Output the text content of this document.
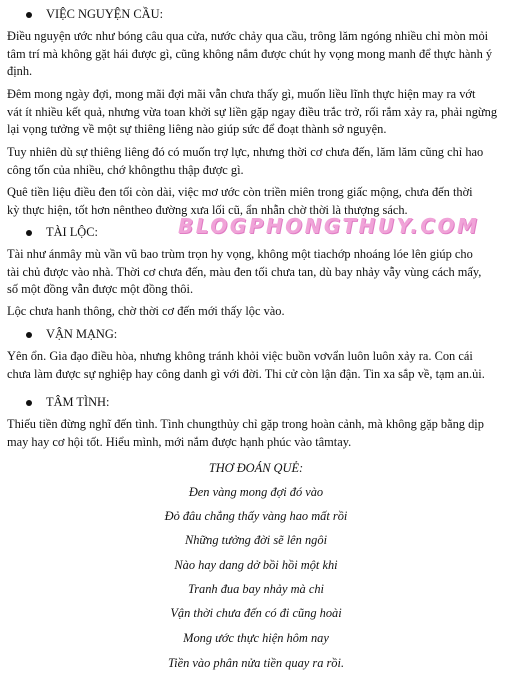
VIỆC NGUYỆN CẦU:

Điều nguyện ước như bóng câu qua cửa, nước chảy qua cầu, trông lăm ngóng nhiều chỉ mòn mỏi
tâm trí mà không gặt hái được gì, cũng không nắm được chút hy vọng mong manh để thực hành ý
định.

Đêm mong ngày đợi, mong mãi đợi mãi vẫn chưa thấy gì, muốn liều lĩnh thực hiện may ra vớt
vát ít nhiều kết quả, nhưng vừa toan khởi sự liền gặp ngay điều trắc trở, rối rắm xảy ra, phải ngừng
lại vọng tưởng về một sự thiêng liêng nào giúp sức để đoạt thành sở nguyện.

Tuy nhiên dù sự thiêng liêng đó có muốn trợ lực, nhưng thời cơ chưa đến, lăm lăm cũng chỉ hao
công tốn của nhiều, chớ khôngthu thập được gì.

Quê tiền liệu điều đen tối còn dài, việc mơ ước còn triền miên trong giấc mộng, chưa đến thời
kỳ thực hiện, tốt hơn nêntheo đường xưa lối cũ, ẩn nhẫn chờ thời là thượng sách.

BLOGPHONGTHUY.COM
TÀI LỘC:

Tài như ánmây mù vần vũ bao trùm trọn hy vọng, không một tiachớp nhoáng lóe lên giúp cho
tài chủ được vào nhà. Thời cơ chưa đến, màu đen tối chưa tan, dù bay nhảy vẫy vùng cách mấy,
số một đồng vẫn được một đồng thôi.

Lộc chưa hanh thông, chờ thời cơ đến mới thấy lộc vào.

VẬN MẠNG:

Yên ổn. Gia đạo điều hòa, nhưng không tránh khỏi việc buồn vơvẩn luôn luôn xảy ra. Con cái
chưa làm được sự nghiệp hay công danh gì với đời. Thi cử còn lận đận. Tin xa sắp về, tạm an.ủi.

TÂM TÌNH:

Thiếu tiền đừng nghĩ đến tình. Tình chungthủy chỉ gặp trong hoàn cảnh, mà không gặp bằng dịp
may hay cơ hội tốt. Hiểu mình, mới nắm được hạnh phúc vào tâmtay.

THƠ ĐOÁN QUẺ:
Đen vàng mong đợi đó vào
Đỏ đâu chẳng thấy vàng hao mất rồi
Những tưởng đời sẽ lên ngôi
Nào hay dang dở bồi hồi một khi
Tranh đua bay nhảy mà chi
Vận thời chưa đến có đi cũng hoài
Mong ước thực hiện hôm nay
Tiền vào phân nửa tiền quay ra rồi.
